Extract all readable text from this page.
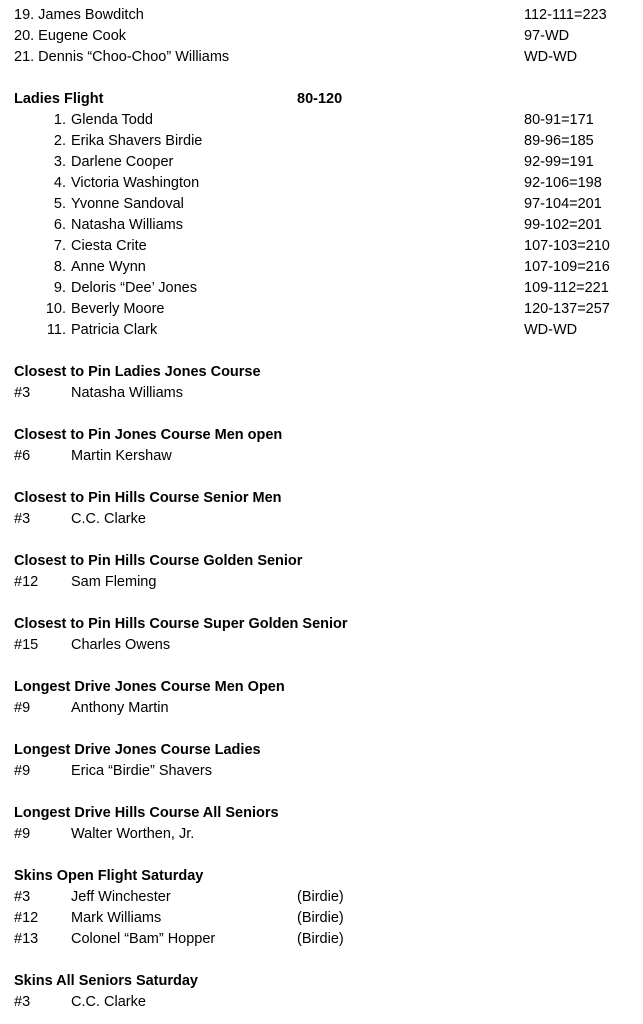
19. James Bowditch	112-111=223
20. Eugene Cook	97-WD
21. Dennis “Choo-Choo” Williams	WD-WD
Ladies Flight	80-120
1. Glenda Todd	80-91=171
2. Erika Shavers Birdie	89-96=185
3. Darlene Cooper	92-99=191
4. Victoria Washington	92-106=198
5. Yvonne Sandoval	97-104=201
6. Natasha Williams	99-102=201
7. Ciesta Crite	107-103=210
8. Anne Wynn	107-109=216
9. Deloris “Dee’ Jones	109-112=221
10. Beverly Moore	120-137=257
11. Patricia Clark	WD-WD
Closest to Pin Ladies Jones Course
#3	Natasha Williams
Closest to Pin Jones Course Men open
#6	Martin Kershaw
Closest to Pin Hills Course Senior Men
#3	C.C. Clarke
Closest to Pin Hills Course Golden Senior
#12 Sam Fleming
Closest to Pin Hills Course Super Golden Senior
#15 Charles Owens
Longest Drive Jones Course Men Open
#9	Anthony Martin
Longest Drive Jones Course Ladies
#9	Erica “Birdie” Shavers
Longest Drive Hills Course All Seniors
#9	Walter Worthen, Jr.
Skins Open Flight Saturday
#3	Jeff Winchester	(Birdie)
#12 Mark Williams	(Birdie)
#13 Colonel “Bam” Hopper	(Birdie)
Skins All Seniors Saturday
#3	C.C. Clarke
